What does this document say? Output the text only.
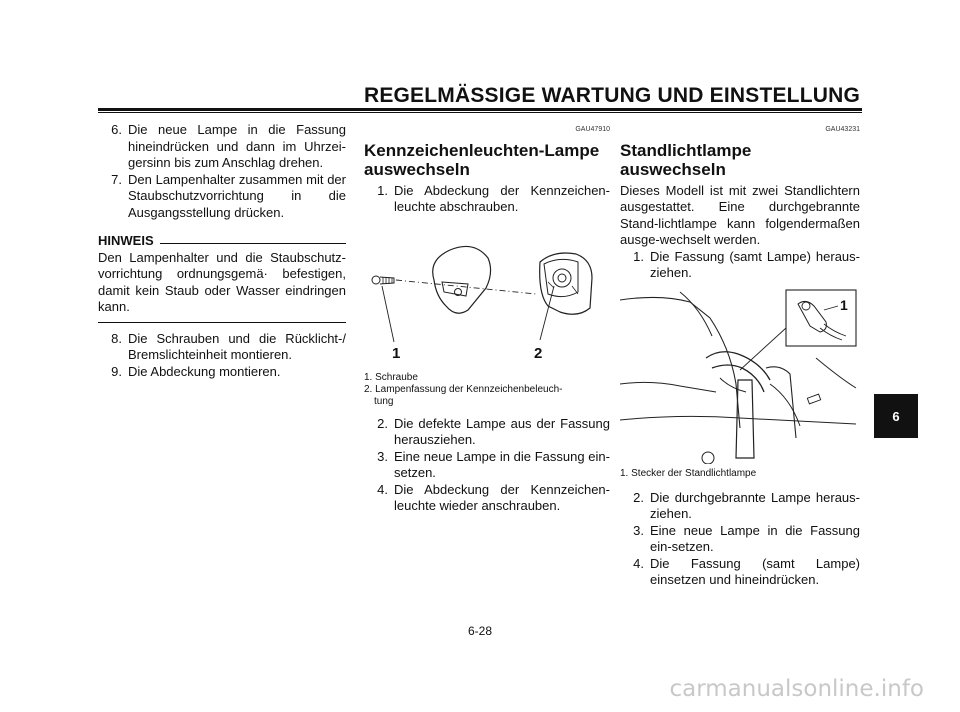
REGELMÄSSIGE WARTUNG UND EINSTELLUNG
6. Die neue Lampe in die Fassung hineindrücken und dann im Uhrzei-gersinn bis zum Anschlag drehen.
7. Den Lampenhalter zusammen mit der Staubschutzvorrichtung in die Ausgangsstellung drücken.
HINWEIS

Den Lampenhalter und die Staubschutz-vorrichtung ordnungsgemä· befestigen, damit kein Staub oder Wasser eindringen kann.

8. Die Schrauben und die Rücklicht-/ Bremslichteinheit montieren.
9. Die Abdeckung montieren.
GAU47910
Kennzeichenleuchten-Lampe auswechseln
1. Die Abdeckung der Kennzeichen-leuchte abschrauben.
1	2

1. Schraube

2. Lampenfassung der Kennzeichenbeleuch-

tung

2. Die defekte Lampe aus der Fassung herausziehen.
3. Eine neue Lampe in die Fassung ein-setzen.
4. Die Abdeckung der Kennzeichen-leuchte wieder anschrauben.
GAU43231
Standlichtlampe auswechseln

Dieses Modell ist mit zwei Standlichtern ausgestattet. Eine durchgebrannte Stand-lichtlampe kann folgendermaßen ausge-wechselt werden.

1. Die Fassung (samt Lampe) heraus-ziehen.
1

1. Stecker der Standlichtlampe

2. Die durchgebrannte Lampe heraus-ziehen.
3. Eine neue Lampe in die Fassung ein-setzen.
4. Die Fassung (samt Lampe) einsetzen und hineindrücken.
6
6-28
carmanualsonline.info
